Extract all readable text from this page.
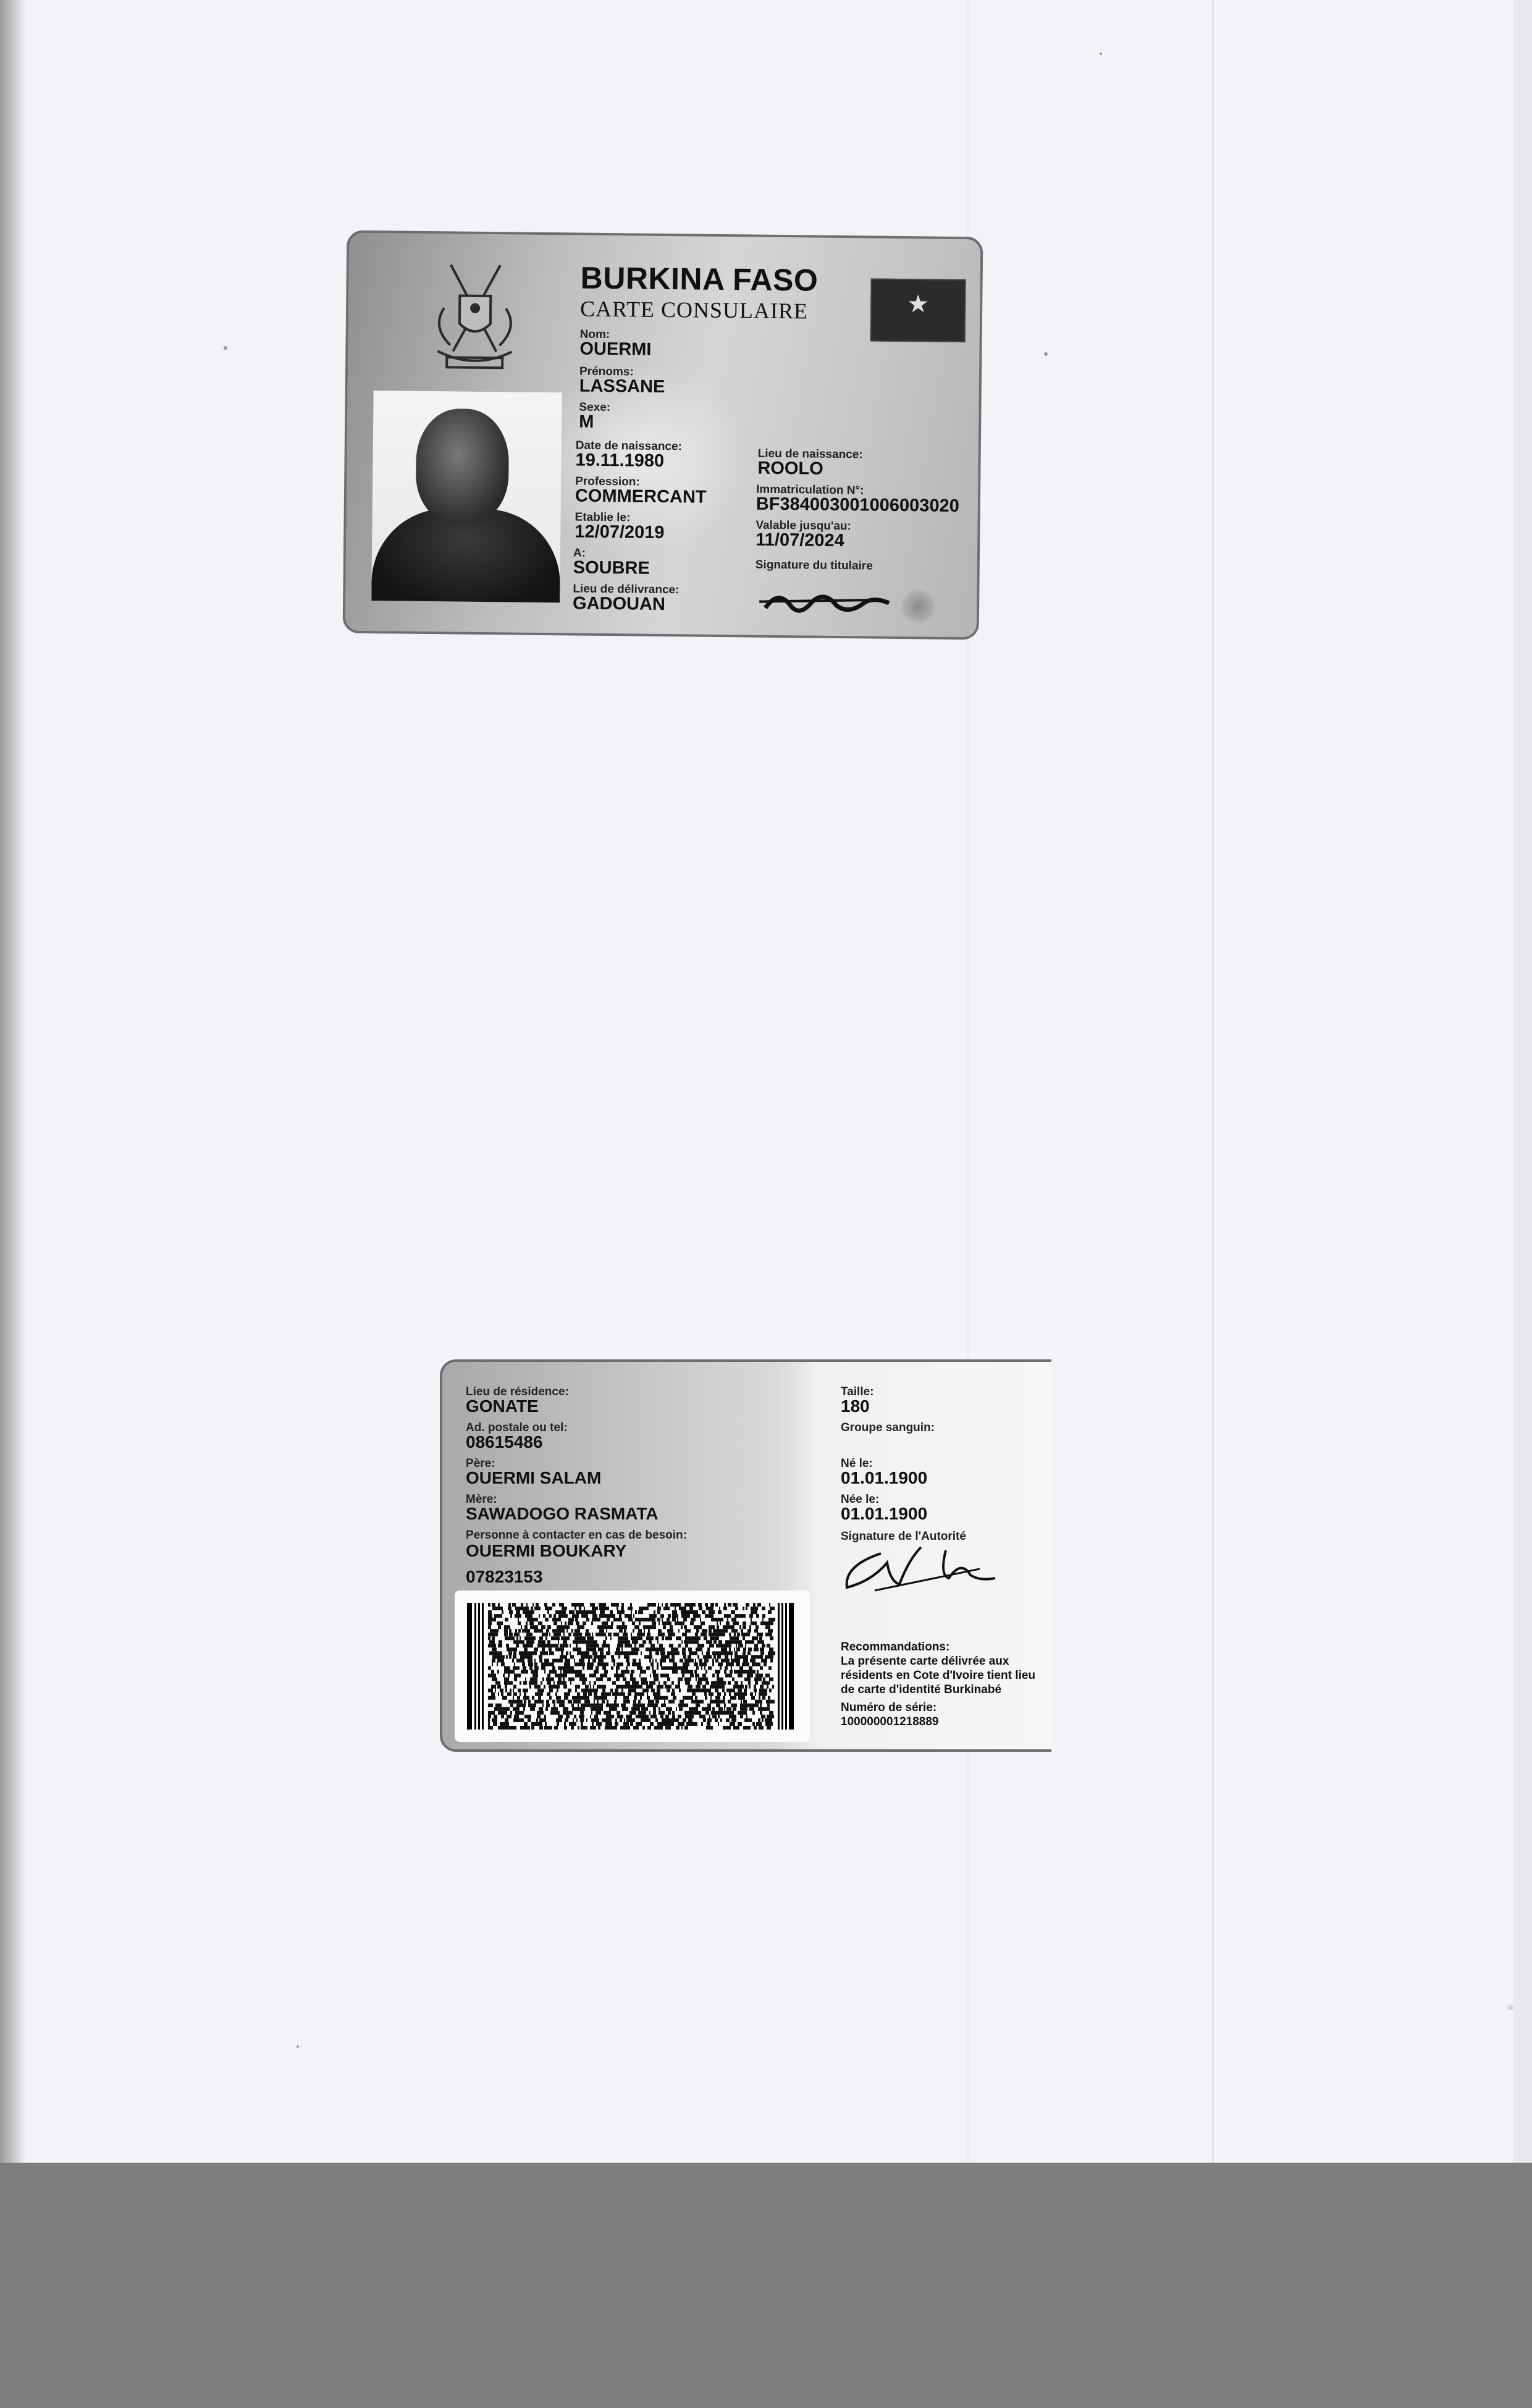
BURKINA FASO
CARTE CONSULAIRE	★
Nom:
OUERMI
Prénoms:
LASSANE
Sexe:
M
Date de naissance:
19.11.1980
Profession:
COMMERCANT
Etablie le:
12/07/2019
A:
SOUBRE
Lieu de délivrance:
GADOUAN
Lieu de naissance:
ROOLO
Immatriculation N°:
BF384003001006003020
Valable jusqu'au:
11/07/2024
Signature du titulaire
Lieu de résidence:
GONATE
Ad. postale ou tel:
08615486
Père:
OUERMI SALAM
Mère:
SAWADOGO RASMATA
Personne à contacter en cas de besoin:
OUERMI BOUKARY
07823153
Taille:
180
Groupe sanguin:
Né le:
01.01.1900
Née le:
01.01.1900
Signature de l'Autorité
Recommandations:
La présente carte délivrée aux résidents en Cote d'Ivoire tient lieu de carte d'identité Burkinabé
Numéro de série:
100000001218889
